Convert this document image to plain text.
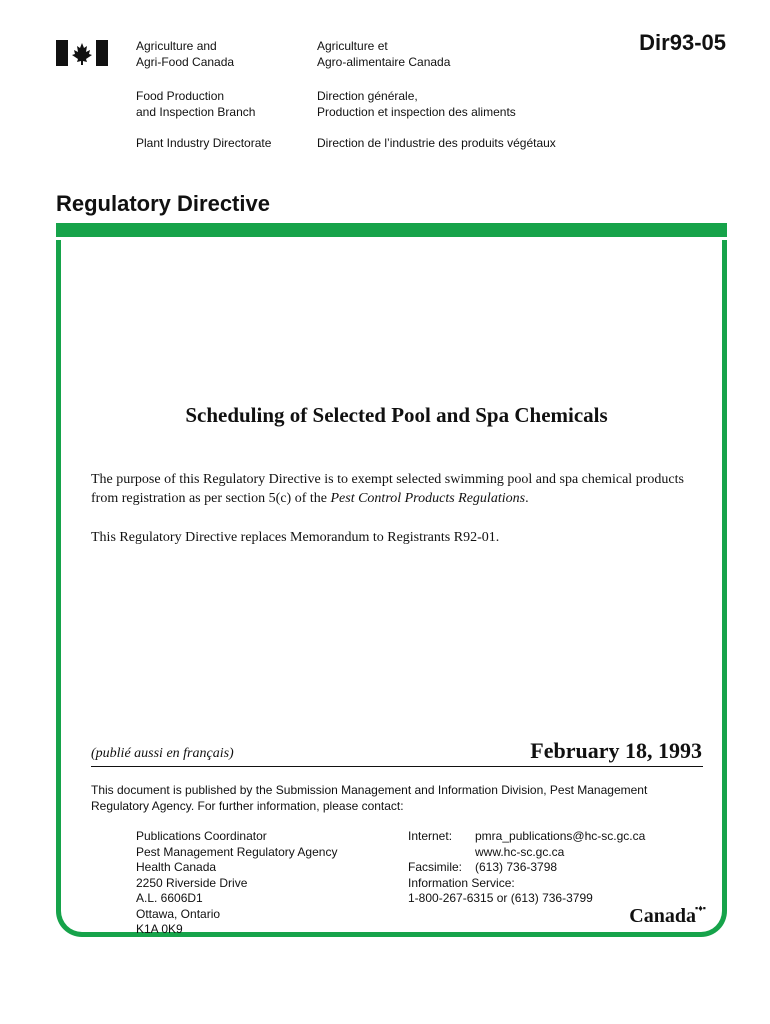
Agriculture and
Agri-Food Canada
Agriculture et
Agro-alimentaire Canada
Food Production
and Inspection Branch
Direction générale,
Production et inspection des aliments
Plant Industry Directorate	Direction de l’industrie des produits végétaux
Dir93-05
Regulatory Directive
Scheduling of Selected Pool and Spa Chemicals
The purpose of this Regulatory Directive is to exempt selected swimming pool and spa chemical products from registration as per section 5(c) of the Pest Control Products Regulations.
This Regulatory Directive replaces Memorandum to Registrants R92-01.
(publié aussi en français)	February 18, 1993
This document is published by the Submission Management and Information Division, Pest Management Regulatory Agency. For further information, please contact:
Publications Coordinator
Pest Management Regulatory Agency
Health Canada
2250 Riverside Drive
A.L. 6606D1
Ottawa, Ontario
K1A 0K9
Internet:

Facsimile:
Information Service:
1-800-267-6315 or (613) 736-3799
pmra_publications@hc-sc.gc.ca
www.hc-sc.gc.ca
(613) 736-3798
Canada ▪♦▪
